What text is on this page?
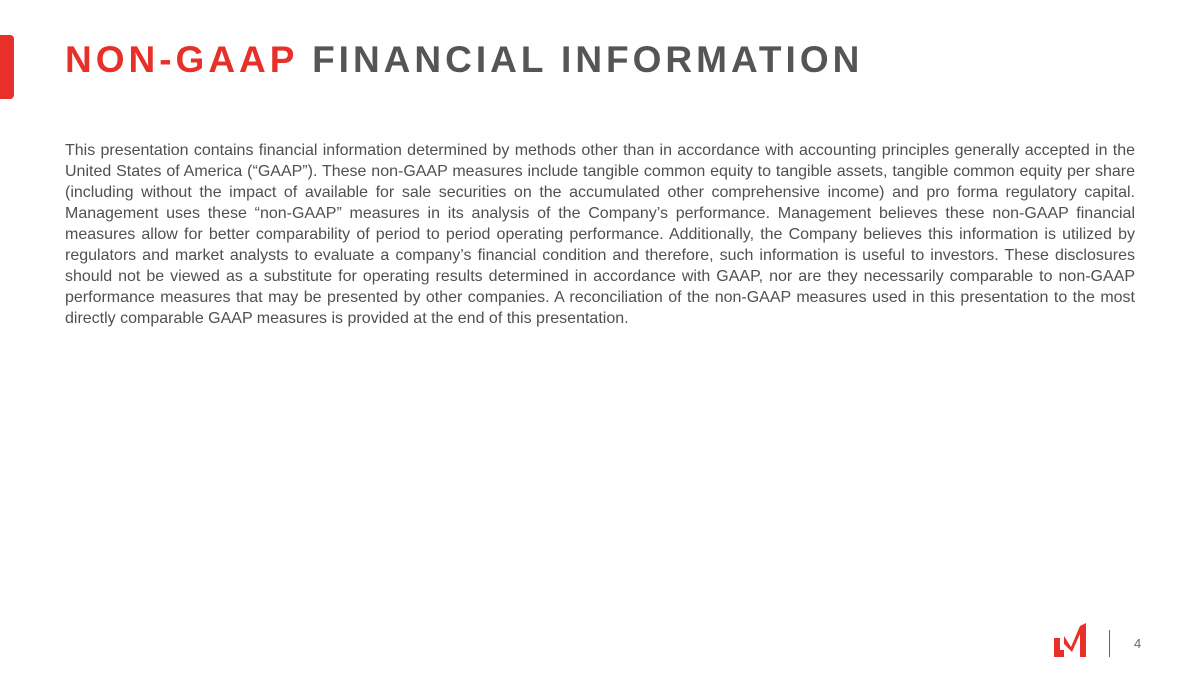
NON-GAAP FINANCIAL INFORMATION

This presentation contains financial information determined by methods other than in accordance with accounting principles generally accepted in the United States of America (“GAAP”). These non-GAAP measures include tangible common equity to tangible assets, tangible common equity per share (including without the impact of available for sale securities on the accumulated other comprehensive income) and pro forma regulatory capital. Management uses these “non-GAAP” measures in its analysis of the Company’s performance. Management believes these non-GAAP financial measures allow for better comparability of period to period operating performance. Additionally, the Company believes this information is utilized by regulators and market analysts to evaluate a company’s financial condition and therefore, such information is useful to investors. These disclosures should not be viewed as a substitute for operating results determined in accordance with GAAP, nor are they necessarily comparable to non-GAAP performance measures that may be presented by other companies. A reconciliation of the non-GAAP measures used in this presentation to the most directly comparable GAAP measures is provided at the end of this presentation.

4
